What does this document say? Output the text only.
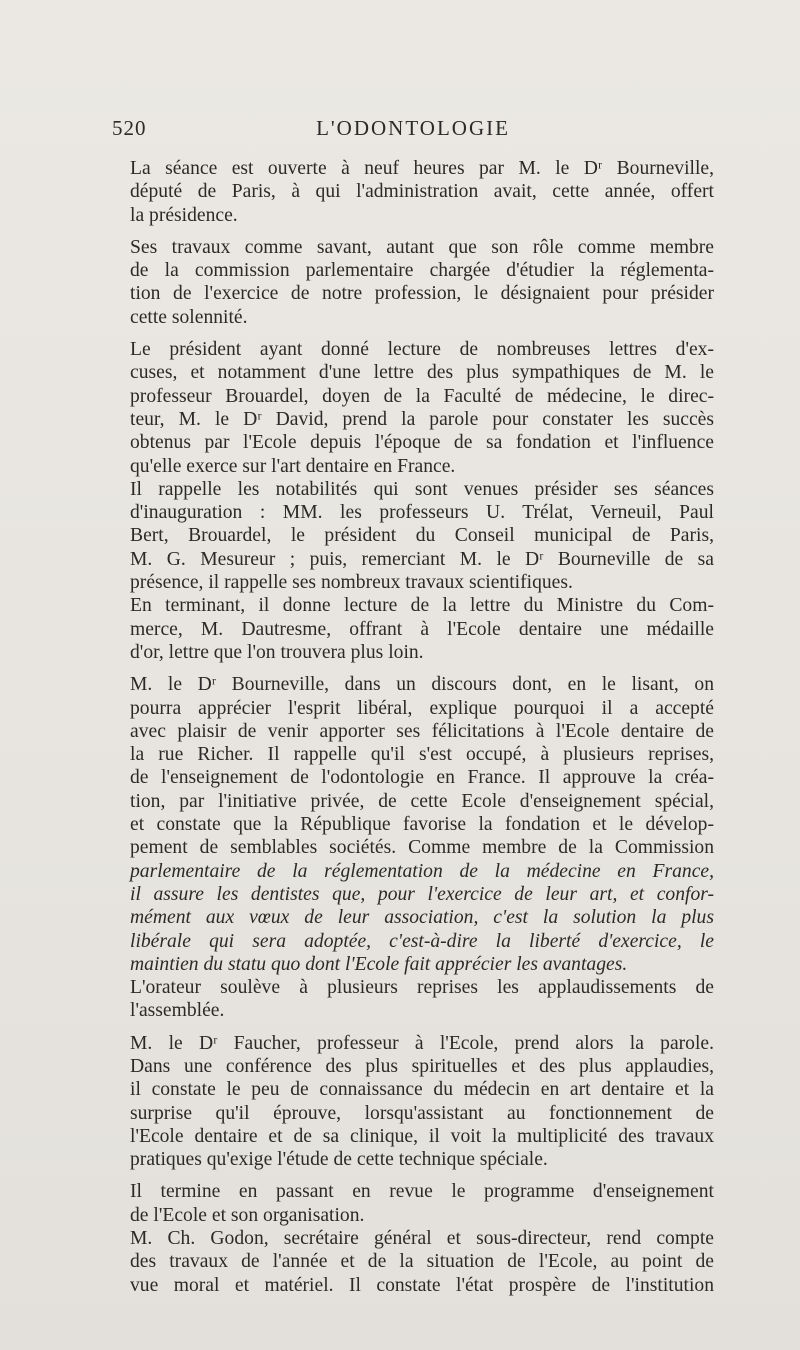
520	L'ODONTOLOGIE
La séance est ouverte à neuf heures par M. le Dʳ Bourneville,
député de Paris, à qui l'administration avait, cette année, offert
la présidence.
Ses travaux comme savant, autant que son rôle comme membre
de la commission parlementaire chargée d'étudier la réglementa-
tion de l'exercice de notre profession, le désignaient pour présider
cette solennité.
Le président ayant donné lecture de nombreuses lettres d'ex-
cuses, et notamment d'une lettre des plus sympathiques de M. le
professeur Brouardel, doyen de la Faculté de médecine, le direc-
teur, M. le Dʳ David, prend la parole pour constater les succès
obtenus par l'Ecole depuis l'époque de sa fondation et l'influence
qu'elle exerce sur l'art dentaire en France.
Il rappelle les notabilités qui sont venues présider ses séances
d'inauguration : MM. les professeurs U. Trélat, Verneuil, Paul
Bert, Brouardel, le président du Conseil municipal de Paris,
M. G. Mesureur ; puis, remerciant M. le Dʳ Bourneville de sa
présence, il rappelle ses nombreux travaux scientifiques.
En terminant, il donne lecture de la lettre du Ministre du Com-
merce, M. Dautresme, offrant à l'Ecole dentaire une médaille
d'or, lettre que l'on trouvera plus loin.
M. le Dʳ Bourneville, dans un discours dont, en le lisant, on
pourra apprécier l'esprit libéral, explique pourquoi il a accepté
avec plaisir de venir apporter ses félicitations à l'Ecole dentaire de
la rue Richer. Il rappelle qu'il s'est occupé, à plusieurs reprises,
de l'enseignement de l'odontologie en France. Il approuve la créa-
tion, par l'initiative privée, de cette Ecole d'enseignement spécial,
et constate que la République favorise la fondation et le dévelop-
pement de semblables sociétés. Comme membre de la Commission
parlementaire de la réglementation de la médecine en France,
il assure les dentistes que, pour l'exercice de leur art, et confor-
mément aux vœux de leur association, c'est la solution la plus
libérale qui sera adoptée, c'est-à-dire la liberté d'exercice, le
maintien du statu quo dont l'Ecole fait apprécier les avantages.
L'orateur soulève à plusieurs reprises les applaudissements de
l'assemblée.
M. le Dʳ Faucher, professeur à l'Ecole, prend alors la parole.
Dans une conférence des plus spirituelles et des plus applaudies,
il constate le peu de connaissance du médecin en art dentaire et la
surprise qu'il éprouve, lorsqu'assistant au fonctionnement de
l'Ecole dentaire et de sa clinique, il voit la multiplicité des travaux
pratiques qu'exige l'étude de cette technique spéciale.
Il termine en passant en revue le programme d'enseignement
de l'Ecole et son organisation.
M. Ch. Godon, secrétaire général et sous-directeur, rend compte
des travaux de l'année et de la situation de l'Ecole, au point de
vue moral et matériel. Il constate l'état prospère de l'institution
